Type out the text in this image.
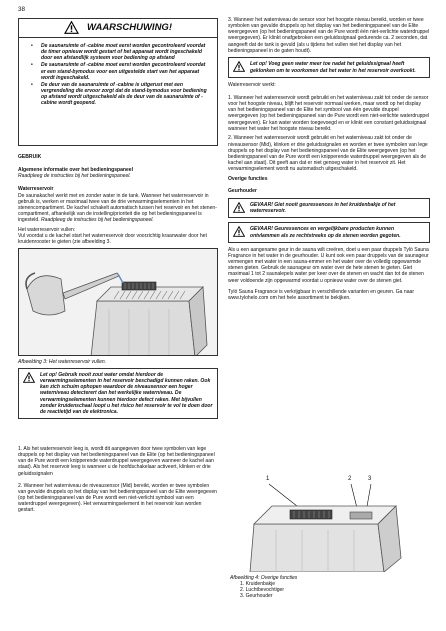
38
WAARSCHUWING!
• De saunaruimte of -cabine moet eerst worden gecontroleerd voordat de timer opnieuw wordt gestart of het apparaat wordt ingeschakeld door een afstandlijk systeem voor bediening op afstand
• De saunaruimte of -cabine moet eerst worden gecontroleerd voordat er een stand-bymodus voor een uitgestelde start van het apparaat wordt ingeschakeld.
• De deur van de saunaruimte of -cabine is uitgerust met een vergrendeling die ervoor zorgt dat de stand-bymodus voor bediening op afstand wordt uitgeschakeld als de deur van de saunaruimte of -cabine wordt geopend.

GEBRUIK

Algemene informatie over het bedieningspaneel

Raadpleeg de instructies bij het bedieningspaneel.

Waterreservoir

De saunakachel werkt met en zonder water in de tank. Wanneer het waterreservoir in gebruik is, werken er maximaal twee van de drie verwarmingselementen in het stenencompartiment. De kachel schakelt automatisch tussen het reservoir en het stenencompartiment, afhankelijk van de instelling/prioriteit die op het bedieningspaneel is ingesteld. Raadpleeg de instructies bij het bedieningspaneel.

Het waterreservoir vullen:

Vul voordat u de kachel start het waterreservoir door voorzichtig kraanwater door het kruidenrooster te gieten (zie afbeelding 3.

Afbeelding 3: Het waterreservoir vullen.

Let op! Gebruik nooit zout water omdat hierdoor de verwarmingselementen in het reservoir beschadigd kunnen raken. Ook kan zich schuim ophopen waardoor de niveausensor een hoger waterniveau detecterert dan het werkelijke waterniveau. De verwarmingselementen kunnen hierdoor defect raken. Met bijvullen zonder kruidenschaal loopt u het risico het reservoir te vol te doen door de reactietijd van de elektronica.

1. Als het waterreservoir leeg is, wordt dit aangegeven door twee symbolen van lege druppels op het display van het bedieningspaneel van de Elite (op het bedieningspaneel van de Pure wordt een knipperende waterdruppel weergegeven wanneer de kachel aan staat). Als het reservoir leeg is wanneer u de hoofdschakelaar activeert, klinken er drie geluidssignalen

2. Wanneer het waterniveau de niveausensor (Mid) bereikt, worden er twee symbolen van gevulde druppels op het display van het bedieningspaneel van de Elite weergegeven (op het bedieningspaneel van de Pure wordt een niet-verlicht symbool van een waterdruppel weergegeven). Het verwarmingselement in het reservoir kan worden gestart.

3. Wanneer het waterniveau de sensor voor het hoogste niveau bereikt, worden er twee symbolen van gevulde druppels op het display van het bedieningspaneel van de Elite weergegeven (op het bedieningspaneel van de Pure wordt één niet-verlichte waterdruppel weergegeven). Er klinkt onafgebroken een geluidssignaal gedurende ca. 2 seconden, dat aangeeft dat de tank is gevuld (als u tijdens het vullen niet het display van het bedieningspaneel in de gaten houdt).

Let op! Voeg geen water meer toe nadat het geluidssignaal heeft geklonken om te voorkomen dat het water in het reservoir overkookt.

Waterreservoir werkt:

1. Wanneer het waterreservoir wordt gebruikt en het waterniveau zakt tot onder de sensor voor het hoogste niveau, blijft het reservoir normaal werken, maar wordt op het display van het bedieningspaneel van de Elite het symbool van één gevulde druppel weergegeven (op het bedieningspaneel van de Pure wordt een niet-verlichte waterdruppel weergegeven). Er kan water worden toegevoegd en er klinkt een constant geluidssignaal wanneer het water het hoogste niveau bereikt.

2. Wanneer het waterreservoir wordt gebruikt en het waterniveau zakt tot onder de niveausensor (Mid), klinken er drie geluidssignalen en worden er twee symbolen van lege druppels op het display van het bedieningspaneel van de Elite weergegeven (op het bedieningspaneel van de Pure wordt een knipperende waterdruppel weergegeven als de kachel aan staat). Dit geeft aan dat er niet genoeg water in het reservoir zit. Het verwarmingselement wordt nu automatisch uitgeschakeld.

Overige functies

Geurhouder

GEVAAR! Giet nooit geuressences in het kruidenbakje of het waterreservoir.
GEVAAR! Geuressences en vergelijkbare producten kunnen ontvlammen als ze rechtstreeks op de stenen worden gegoten.

Als u een aangename geur in de sauna wilt creëren, doet u een paar druppels Tylö Sauna Fragrance in het water in de geurhouder. U kunt ook een paar druppels van de saunageur vermengen met water in een sauna-emmer en het water over de volledig opgewarmde stenen gieten. Gebruik de saunageur om water over de hete stenen te gieten. Giet maximaal 1 tot 2 saunalepels water per keer over de stenen en wacht dan tot de stenen weer voldoende zijn opgewarmd voordat u opnieuw water over de stenen giet.

Tylö Sauna Fragrance is verkrijgbaar in verschillende varianten en geuren. Ga naar www.tylohelo.com om het hele assortiment te bekijken.

1	2	3

Afbeelding 4: Overige functies

1. Kruidenbakje
2. Luchtbevochtiger
3. Geurhouder
